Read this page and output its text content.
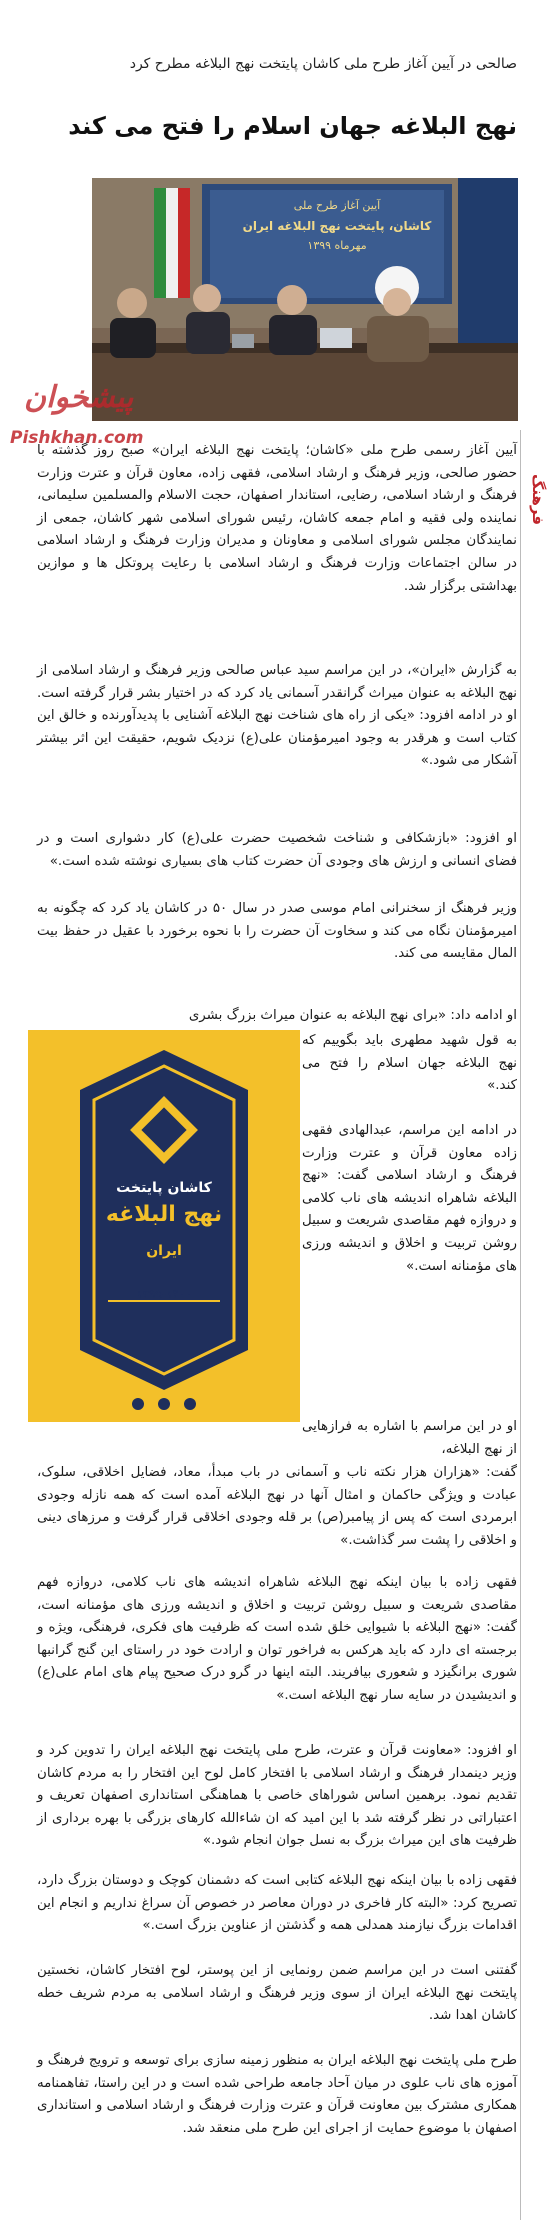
صالحی در آیین آغاز طرح ملی کاشان پایتخت نهج البلاغه مطرح کرد
نهج البلاغه جهان اسلام را فتح می کند
آیین آغاز طرح ملی
کاشان، پایتخت نهج البلاغه ایران
مهرماه ۱۳۹۹
پیشخوان
Pishkhan.com
فرهنگ
آیین آغاز رسمی طرح ملی «کاشان؛ پایتخت نهج البلاغه ایران» صبح روز گذشته با حضور صالحی، وزیر فرهنگ و ارشاد اسلامی، فقهی زاده، معاون قرآن و عترت وزارت فرهنگ و ارشاد اسلامی، رضایی، استاندار اصفهان، حجت الاسلام والمسلمین سلیمانی، نماینده ولی فقیه و امام جمعه کاشان، رئیس شورای اسلامی شهر کاشان، جمعی از نمایندگان مجلس شورای اسلامی و معاونان و مدیران وزارت فرهنگ و ارشاد اسلامی در سالن اجتماعات وزارت فرهنگ و ارشاد اسلامی با رعایت پروتکل ها و موازین بهداشتی برگزار شد.
به گزارش «ایران»، در این مراسم سید عباس صالحی وزیر فرهنگ و ارشاد اسلامی از نهج البلاغه به عنوان میراث گرانقدر آسمانی یاد کرد که در اختیار بشر قرار گرفته است. او در ادامه افزود: «یکی از راه های شناخت نهج البلاغه آشنایی با پدیدآورنده و خالق این کتاب است و هرقدر به وجود امیرمؤمنان علی(ع) نزدیک شویم، حقیقت این اثر بیشتر آشکار می شود.»
او افزود: «بازشکافی و شناخت شخصیت حضرت علی(ع) کار دشواری است و در فضای انسانی و ارزش های وجودی آن حضرت کتاب های بسیاری نوشته شده است.»
وزیر فرهنگ از سخنرانی امام موسی صدر در سال ۵۰ در کاشان یاد کرد که چگونه به امیرمؤمنان نگاه می کند و سخاوت آن حضرت را با نحوه برخورد با عقیل در حفظ بیت المال مقایسه می کند.
کاشان پایتخت
نهج البلاغه
ایران
۱۳۹۹-۱۴۰۰
او ادامه داد: «برای نهج البلاغه به عنوان میراث بزرگ بشری
به قول شهید مطهری باید بگوییم که نهج البلاغه جهان اسلام را فتح می کند.»
در ادامه این مراسم، عبدالهادی فقهی زاده معاون قرآن و عترت وزارت فرهنگ و ارشاد اسلامی گفت: «نهج البلاغه شاهراه اندیشه های ناب کلامی و دروازه فهم مقاصدی شریعت و سبیل روشن تربیت و اخلاق و اندیشه ورزی های مؤمنانه است.»
او در این مراسم با اشاره به فرازهایی از نهج البلاغه،
گفت: «هزاران هزار نکته ناب و آسمانی در باب مبدأ، معاد، فضایل اخلاقی، سلوک، عبادت و ویژگی حاکمان و امثال آنها در نهج البلاغه آمده است که همه نازله وجودی ابرمردی است که پس از پیامبر(ص) بر قله وجودی اخلاقی قرار گرفت و مرزهای دینی و اخلاقی را پشت سر گذاشت.»
فقهی زاده با بیان اینکه نهج البلاغه شاهراه اندیشه های ناب کلامی، دروازه فهم مقاصدی شریعت و سبیل روشن تربیت و اخلاق و اندیشه ورزی های مؤمنانه است، گفت: «نهج البلاغه با شیوایی خلق شده است که ظرفیت های فکری، فرهنگی، ویژه و برجسته ای دارد که باید هرکس به فراخور توان و ارادت خود در راستای این گنج گرانبها شوری برانگیزد و شعوری بیافریند. البته اینها در گرو درک صحیح پیام های امام علی(ع) و اندیشیدن در سایه سار نهج البلاغه است.»
او افزود: «معاونت قرآن و عترت، طرح ملی پایتخت نهج البلاغه ایران را تدوین کرد و وزیر دینمدار فرهنگ و ارشاد اسلامی با افتخار کامل لوح این افتخار را به مردم کاشان تقدیم نمود. برهمین اساس شوراهای خاصی با هماهنگی استانداری اصفهان تعریف و اعتباراتی در نظر گرفته شد با این امید که ان شاءالله کارهای بزرگی با بهره برداری از ظرفیت های این میراث بزرگ به نسل جوان انجام شود.»
فقهی زاده با بیان اینکه نهج البلاغه کتابی است که دشمنان کوچک و دوستان بزرگ دارد، تصریح کرد: «البته کار فاخری در دوران معاصر در خصوص آن سراغ نداریم و انجام این اقدامات بزرگ نیازمند همدلی همه و گذشتن از عناوین بزرگ است.»
گفتنی است در این مراسم ضمن رونمایی از این پوستر، لوح افتخار کاشان، نخستین پایتخت نهج البلاغه ایران از سوی وزیر فرهنگ و ارشاد اسلامی به مردم شریف خطه کاشان اهدا شد.
طرح ملی پایتخت نهج البلاغه ایران به منظور زمینه سازی برای توسعه و ترویج فرهنگ و آموزه های ناب علوی در میان آحاد جامعه طراحی شده است و در این راستا، تفاهمنامه همکاری مشترک بین معاونت قرآن و عترت وزارت فرهنگ و ارشاد اسلامی و استانداری اصفهان با موضوع حمایت از اجرای این طرح ملی منعقد شد.
